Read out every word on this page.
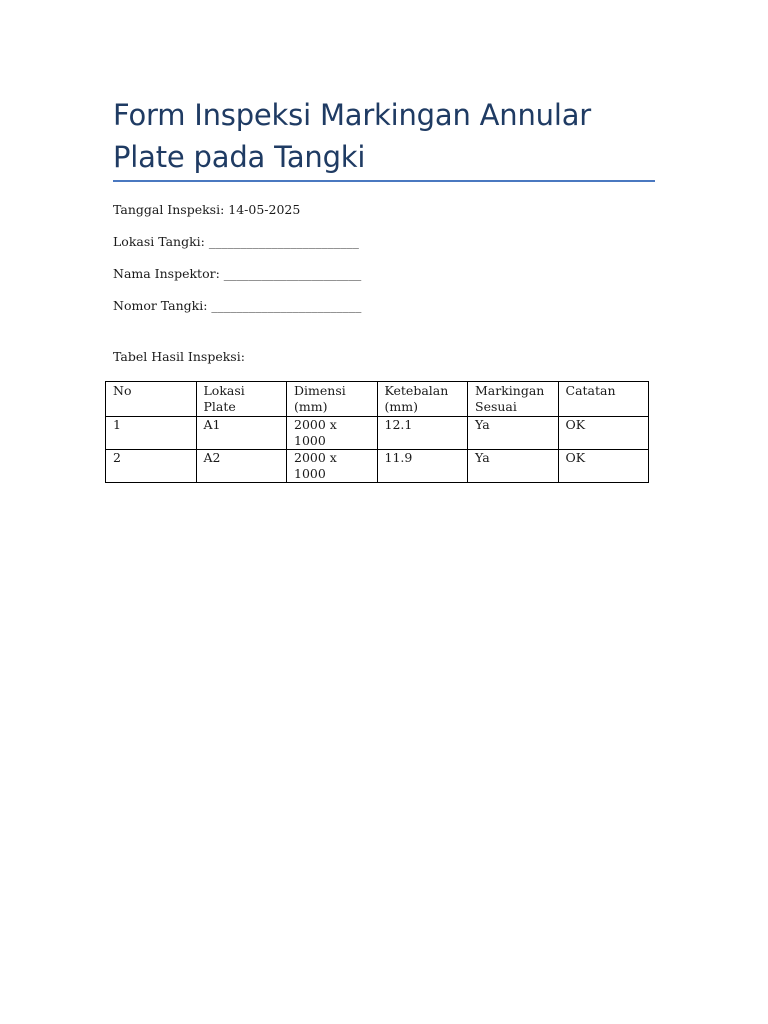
Form Inspeksi Markingan Annular Plate pada Tangki
Tanggal Inspeksi: 14-05-2025
Lokasi Tangki: ________________________
Nama Inspektor: ______________________
Nomor Tangki: ________________________
Tabel Hasil Inspeksi:
No	Lokasi Plate	Dimensi (mm)	Ketebalan (mm)	Markingan Sesuai	Catatan
1	A1	2000 x 1000	12.1	Ya	OK
2	A2	2000 x 1000	11.9	Ya	OK
